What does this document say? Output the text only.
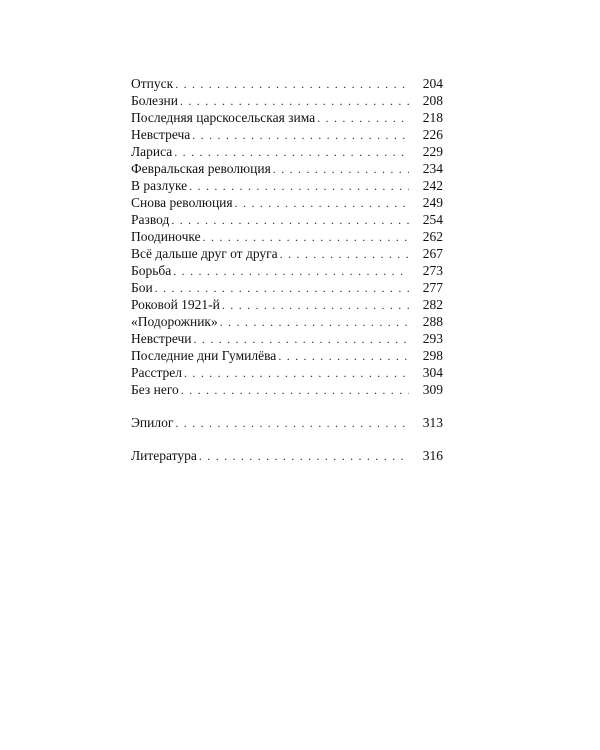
Отпуск . . .	204
Болезни . . .	208
Последняя царскосельская зима . . .	218
Невстреча . . .	226
Лариса . . .	229
Февральская революция . . .	234
В разлуке . . .	242
Снова революция . . .	249
Развод . . .	254
Поодиночке . . .	262
Всё дальше друг от друга . . .	267
Борьба . . .	273
Бои . . .	277
Роковой 1921-й . . .	282
«Подорожник» . . .	288
Невстречи . . .	293
Последние дни Гумилёва . . .	298
Расстрел . . .	304
Без него . . .	309
Эпилог . . .	313
Литература . . .	316
